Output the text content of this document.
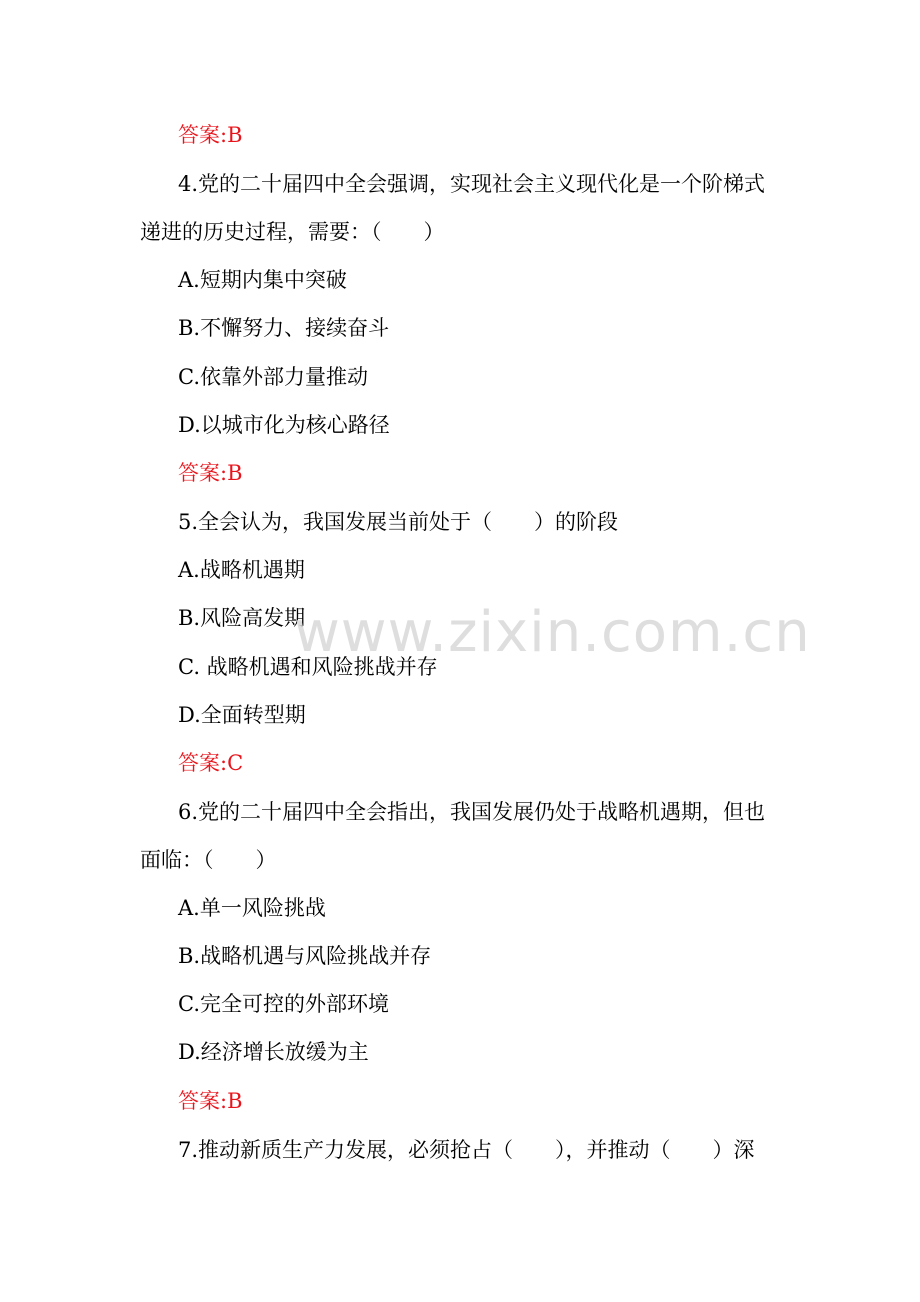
答案:B
4.党的二十届四中全会强调，实现社会主义现代化是一个阶梯式
递进的历史过程，需要：（　　）
A.短期内集中突破
B.不懈努力、接续奋斗
C.依靠外部力量推动
D.以城市化为核心路径
答案:B
5.全会认为，我国发展当前处于（　　）的阶段
A.战略机遇期
B.风险高发期
C. 战略机遇和风险挑战并存
D.全面转型期
答案:C
6.党的二十届四中全会指出，我国发展仍处于战略机遇期，但也
面临：（　　）
A.单一风险挑战
B.战略机遇与风险挑战并存
C.完全可控的外部环境
D.经济增长放缓为主
答案:B
7.推动新质生产力发展，必须抢占（　　），并推动（　　）深
www.zixin.com.cn
